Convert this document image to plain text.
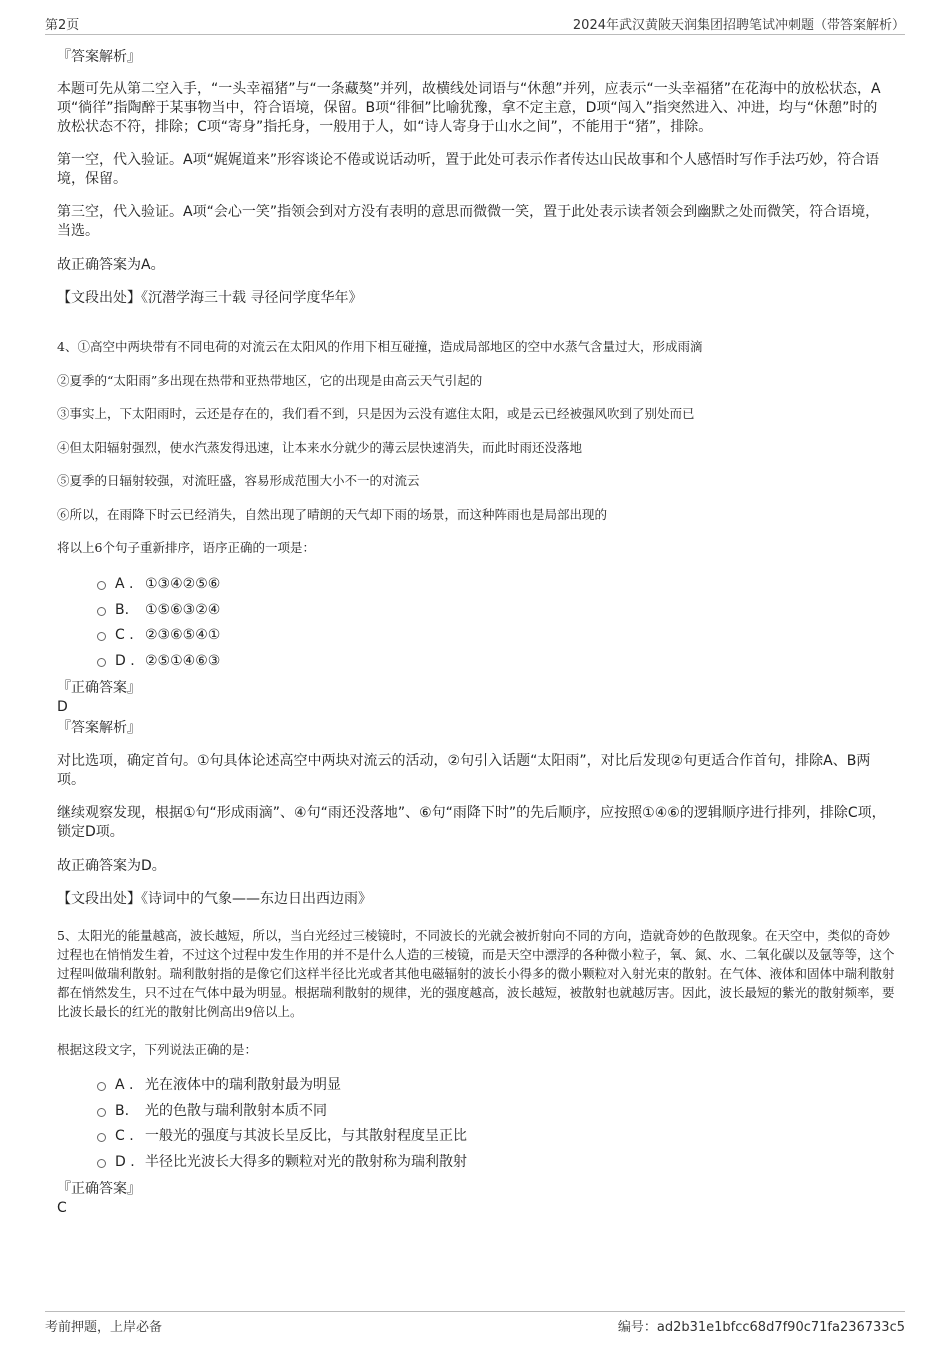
第2页	2024年武汉黄陂天润集团招聘笔试冲刺题（带答案解析）
『答案解析』

本题可先从第二空入手，“一头幸福猪”与“一条藏獒”并列，故横线处词语与“休憩”并列，应表示“一头幸福猪”在花海中的放松状态，A项“徜徉”指陶醉于某事物当中，符合语境，保留。B项“徘徊”比喻犹豫，拿不定主意，D项“闯入”指突然进入、冲进，均与“休憩”时的放松状态不符，排除；C项“寄身”指托身，一般用于人，如“诗人寄身于山水之间”，不能用于“猪”，排除。

第一空，代入验证。A项“娓娓道来”形容谈论不倦或说话动听，置于此处可表示作者传达山民故事和个人感悟时写作手法巧妙，符合语境，保留。

第三空，代入验证。A项“会心一笑”指领会到对方没有表明的意思而微微一笑，置于此处表示读者领会到幽默之处而微笑，符合语境，当选。

故正确答案为A。

【文段出处】《沉潜学海三十载 寻径问学度华年》

4、①高空中两块带有不同电荷的对流云在太阳风的作用下相互碰撞，造成局部地区的空中水蒸气含量过大，形成雨滴

②夏季的“太阳雨”多出现在热带和亚热带地区，它的出现是由高云天气引起的

③事实上，下太阳雨时，云还是存在的，我们看不到，只是因为云没有遮住太阳，或是云已经被强风吹到了别处而已

④但太阳辐射强烈，使水汽蒸发得迅速，让本来水分就少的薄云层快速消失，而此时雨还没落地

⑤夏季的日辐射较强，对流旺盛，容易形成范围大小不一的对流云

⑥所以，在雨降下时云已经消失，自然出现了晴朗的天气却下雨的场景，而这种阵雨也是局部出现的

将以上6个句子重新排序，语序正确的一项是：

A . ①③④②⑤⑥
B. ①⑤⑥③②④
C . ②③⑥⑤④①
D . ②⑤①④⑥③
『正确答案』
D
『答案解析』

对比选项，确定首句。①句具体论述高空中两块对流云的活动，②句引入话题“太阳雨”，对比后发现②句更适合作首句，排除A、B两项。

继续观察发现，根据①句“形成雨滴”、④句“雨还没落地”、⑥句“雨降下时”的先后顺序，应按照①④⑥的逻辑顺序进行排列，排除C项，锁定D项。

故正确答案为D。

【文段出处】《诗词中的气象——东边日出西边雨》

5、太阳光的能量越高，波长越短，所以，当白光经过三棱镜时，不同波长的光就会被折射向不同的方向，造就奇妙的色散现象。在天空中，类似的奇妙过程也在悄悄发生着，不过这个过程中发生作用的并不是什么人造的三棱镜，而是天空中漂浮的各种微小粒子，氧、氮、水、二氧化碳以及氩等等，这个过程叫做瑞利散射。瑞利散射指的是像它们这样半径比光或者其他电磁辐射的波长小得多的微小颗粒对入射光束的散射。在气体、液体和固体中瑞利散射都在悄然发生，只不过在气体中最为明显。根据瑞利散射的规律，光的强度越高，波长越短，被散射也就越厉害。因此，波长最短的紫光的散射频率，要比波长最长的红光的散射比例高出9倍以上。

根据这段文字，下列说法正确的是：

A . 光在液体中的瑞利散射最为明显
B. 光的色散与瑞利散射本质不同
C . 一般光的强度与其波长呈反比，与其散射程度呈正比
D . 半径比光波长大得多的颗粒对光的散射称为瑞利散射
『正确答案』
C
考前押题，上岸必备	编号：ad2b31e1bfcc68d7f90c71fa236733c5
